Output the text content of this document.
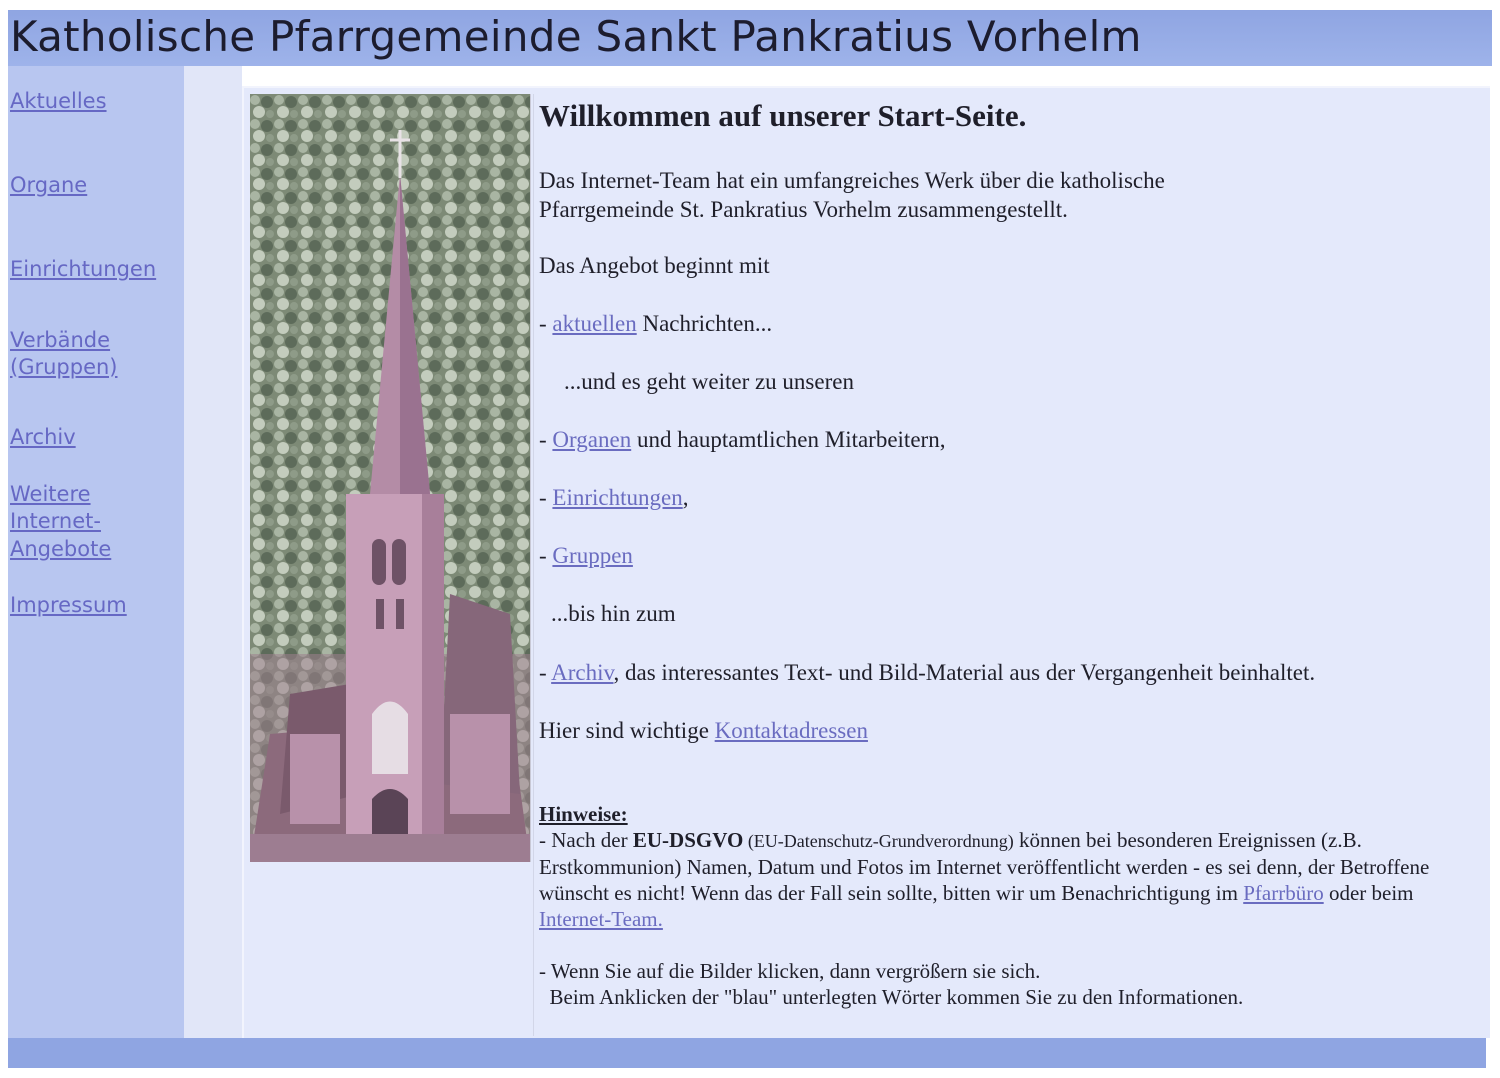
Katholische Pfarrgemeinde Sankt Pankratius Vorhelm
Aktuelles
Organe
Einrichtungen
Verbände
(Gruppen)
Archiv
Weitere
Internet-
Angebote
Impressum
Willkommen auf unserer Start-Seite.
Das Internet-Team hat ein umfangreiches Werk über die katholische
Pfarrgemeinde St. Pankratius Vorhelm zusammengestellt.
Das Angebot beginnt mit
- aktuellen Nachrichten...
...und es geht weiter zu unseren
- Organen und hauptamtlichen Mitarbeitern,
- Einrichtungen,
- Gruppen
...bis hin zum
- Archiv, das interessantes Text- und Bild-Material aus der Vergangenheit beinhaltet.
Hier sind wichtige Kontaktadressen
Hinweise:
- Nach der EU-DSGVO (EU-Datenschutz-Grundverordnung) können bei besonderen Ereignissen (z.B.
Erstkommunion) Namen, Datum und Fotos im Internet veröffentlicht werden - es sei denn, der Betroffene
wünscht es nicht! Wenn das der Fall sein sollte, bitten wir um Benachrichtigung im Pfarrbüro oder beim
Internet-Team.
- Wenn Sie auf die Bilder klicken, dann vergrößern sie sich.
Beim Anklicken der "blau" unterlegten Wörter kommen Sie zu den Informationen.
